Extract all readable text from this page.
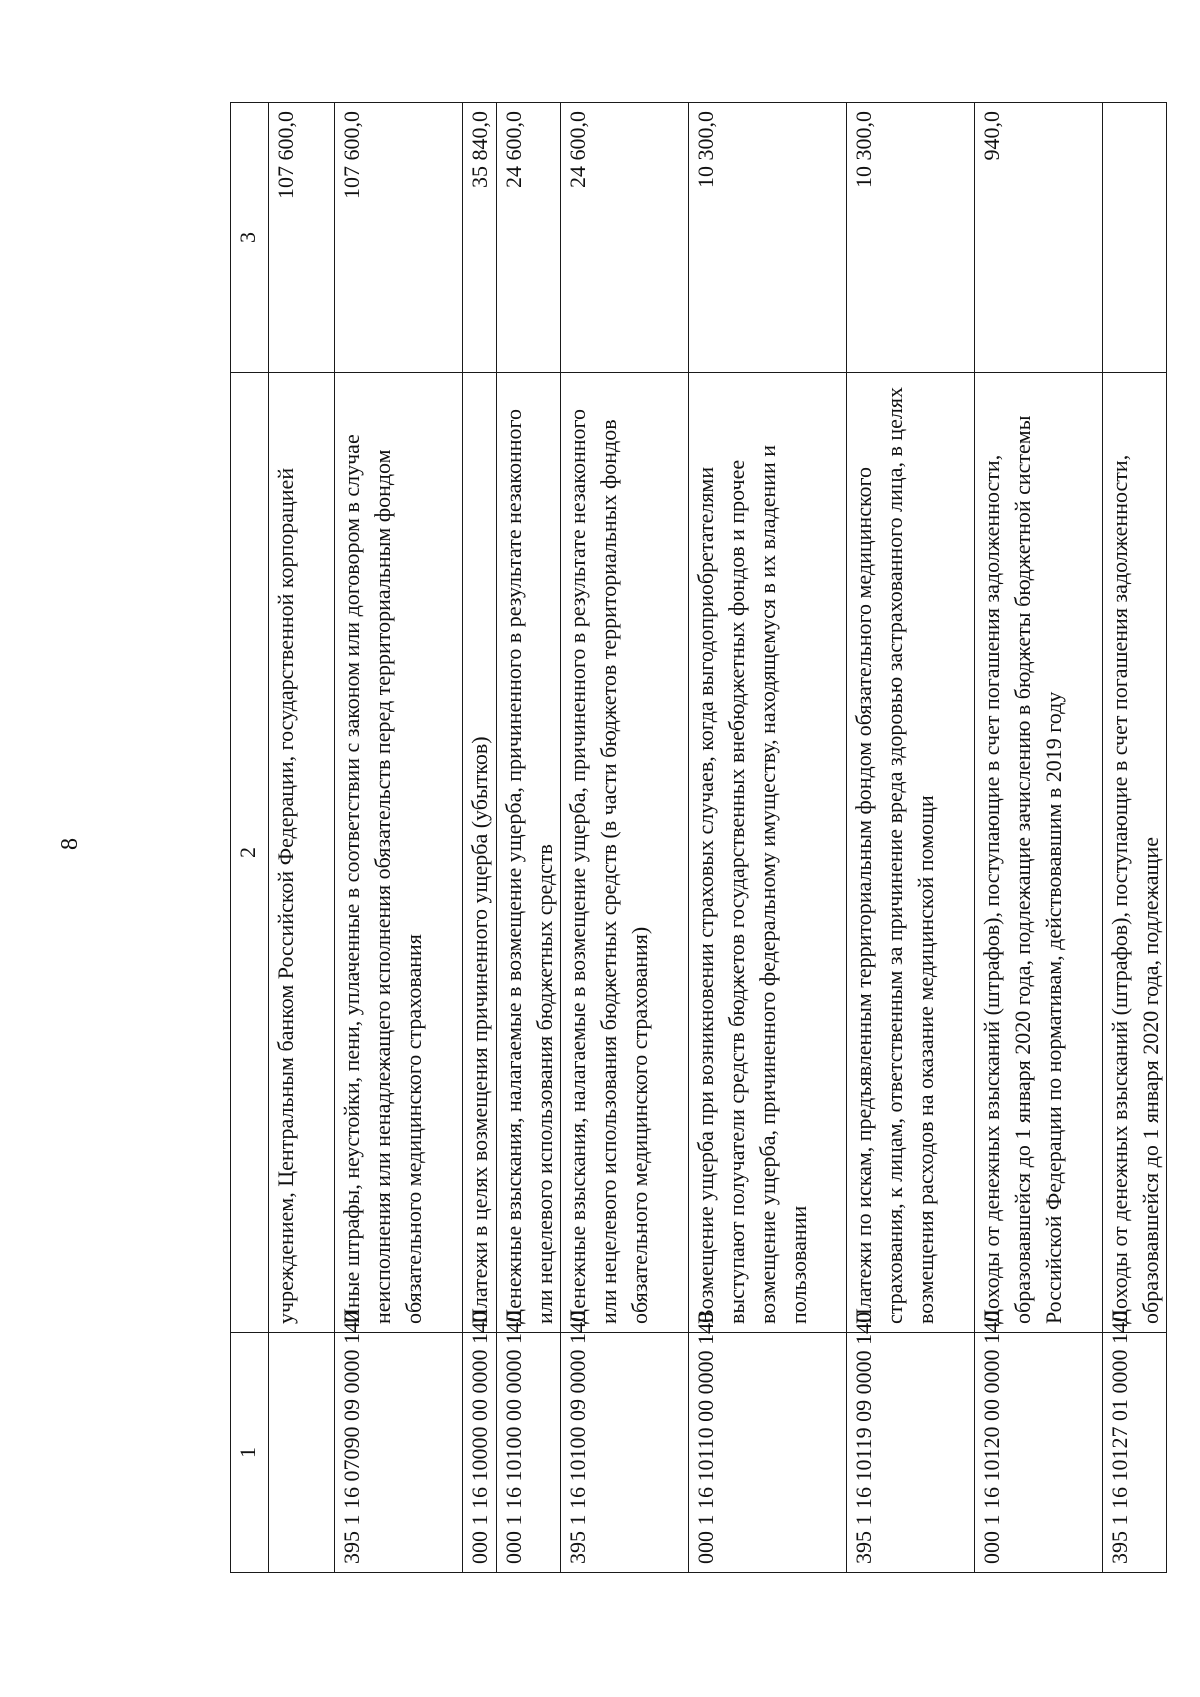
8
1	2	3
	учреждением, Центральным банком Российской Федерации, государственной корпорацией	107 600,0
395 1 16 07090 09 0000 140	Иные штрафы, неустойки, пени, уплаченные в соответствии с законом или договором в случае неисполнения или ненадлежащего исполнения обязательств перед территориальным фондом обязательного медицинского страхования	107 600,0
000 1 16 10000 00 0000 140	Платежи в целях возмещения причиненного ущерба (убытков)	35 840,0
000 1 16 10100 00 0000 140	Денежные взыскания, налагаемые в возмещение ущерба, причиненного в результате незаконного или нецелевого использования бюджетных средств	24 600,0
395 1 16 10100 09 0000 140	Денежные взыскания, налагаемые в возмещение ущерба, причиненного в результате незаконного или нецелевого использования бюджетных средств (в части бюджетов территориальных фондов обязательного медицинского страхования)	24 600,0
000 1 16 10110 00 0000 140	Возмещение ущерба при возникновении страховых случаев, когда выгодоприобретателями выступают получатели средств бюджетов государственных внебюджетных фондов и прочее возмещение ущерба, причиненного федеральному имуществу, находящемуся в их владении и пользовании	10 300,0
395 1 16 10119 09 0000 140	Платежи по искам, предъявленным территориальным фондом обязательного медицинского страхования, к лицам, ответственным за причинение вреда здоровью застрахованного лица, в целях возмещения расходов на оказание медицинской помощи	10 300,0
000 1 16 10120 00 0000 140	Доходы от денежных взысканий (штрафов), поступающие в счет погашения задолженности, образовавшейся до 1 января 2020 года, подлежащие зачислению в бюджеты бюджетной системы Российской Федерации по нормативам, действовавшим в 2019 году	940,0
395 1 16 10127 01 0000 140	Доходы от денежных взысканий (штрафов), поступающие в счет погашения задолженности, образовавшейся до 1 января 2020 года, подлежащие	
